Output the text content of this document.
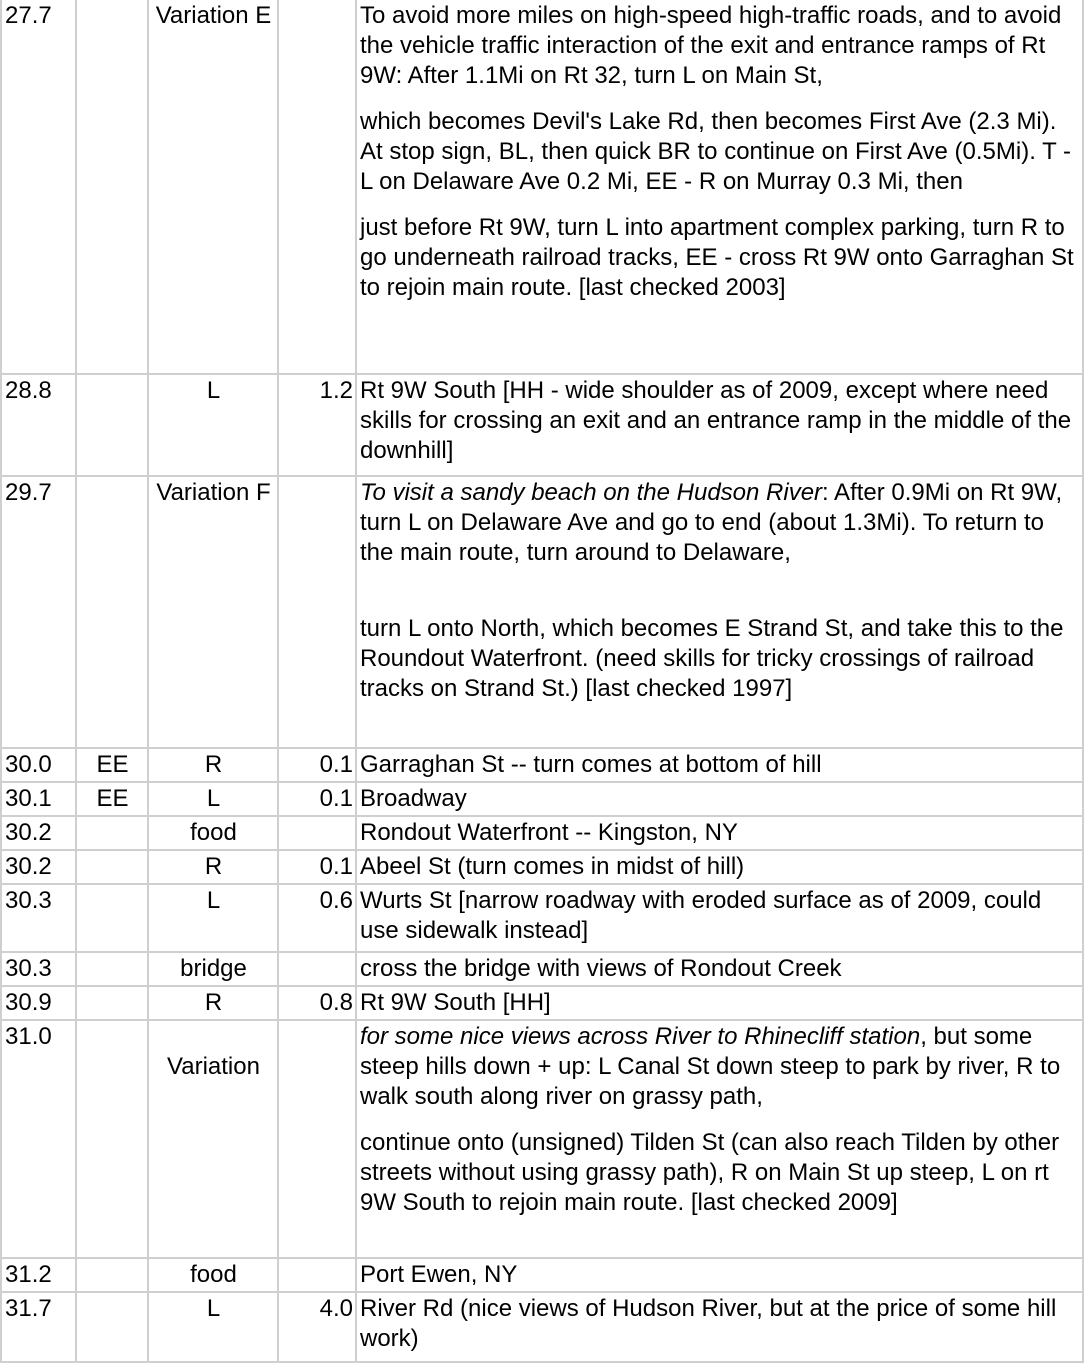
27.7		Variation E		To avoid more miles on high-speed high-traffic roads, and to avoid the vehicle traffic interaction of the exit and entrance ramps of Rt 9W: After 1.1Mi on Rt 32, turn L on Main St,
which becomes Devil's Lake Rd, then becomes First Ave (2.3 Mi). At stop sign, BL, then quick BR to continue on First Ave (0.5Mi). T - L on Delaware Ave 0.2 Mi, EE - R on Murray 0.3 Mi, then
just before Rt 9W, turn L into apartment complex parking, turn R to go underneath railroad tracks, EE - cross Rt 9W onto Garraghan St to rejoin main route. [last checked 2003]

28.8		L	1.2	Rt 9W South [HH - wide shoulder as of 2009, except where need skills for crossing an exit and an entrance ramp in the middle of the downhill]
29.7		Variation F		To visit a sandy beach on the Hudson River: After 0.9Mi on Rt 9W, turn L on Delaware Ave and go to end (about 1.3Mi). To return to the main route, turn around to Delaware,
turn L onto North, which becomes E Strand St, and take this to the Roundout Waterfront. (need skills for tricky crossings of railroad tracks on Strand St.) [last checked 1997]

30.0	EE	R	0.1	Garraghan St -- turn comes at bottom of hill
30.1	EE	L	0.1	Broadway
30.2		food		Rondout Waterfront -- Kingston, NY
30.2		R	0.1	Abeel St (turn comes in midst of hill)
30.3		L	0.6	Wurts St [narrow roadway with eroded surface as of 2009, could use sidewalk instead]
30.3		bridge		cross the bridge with views of Rondout Creek
30.9		R	0.8	Rt 9W South [HH]
31.0		Variation		for some nice views across River to Rhinecliff station, but some steep hills down + up: L Canal St down steep to park by river, R to walk south along river on grassy path,
continue onto (unsigned) Tilden St (can also reach Tilden by other streets without using grassy path), R on Main St up steep, L on rt 9W South to rejoin main route. [last checked 2009]

31.2		food		Port Ewen, NY
31.7		L	4.0	River Rd (nice views of Hudson River, but at the price of some hill work)
